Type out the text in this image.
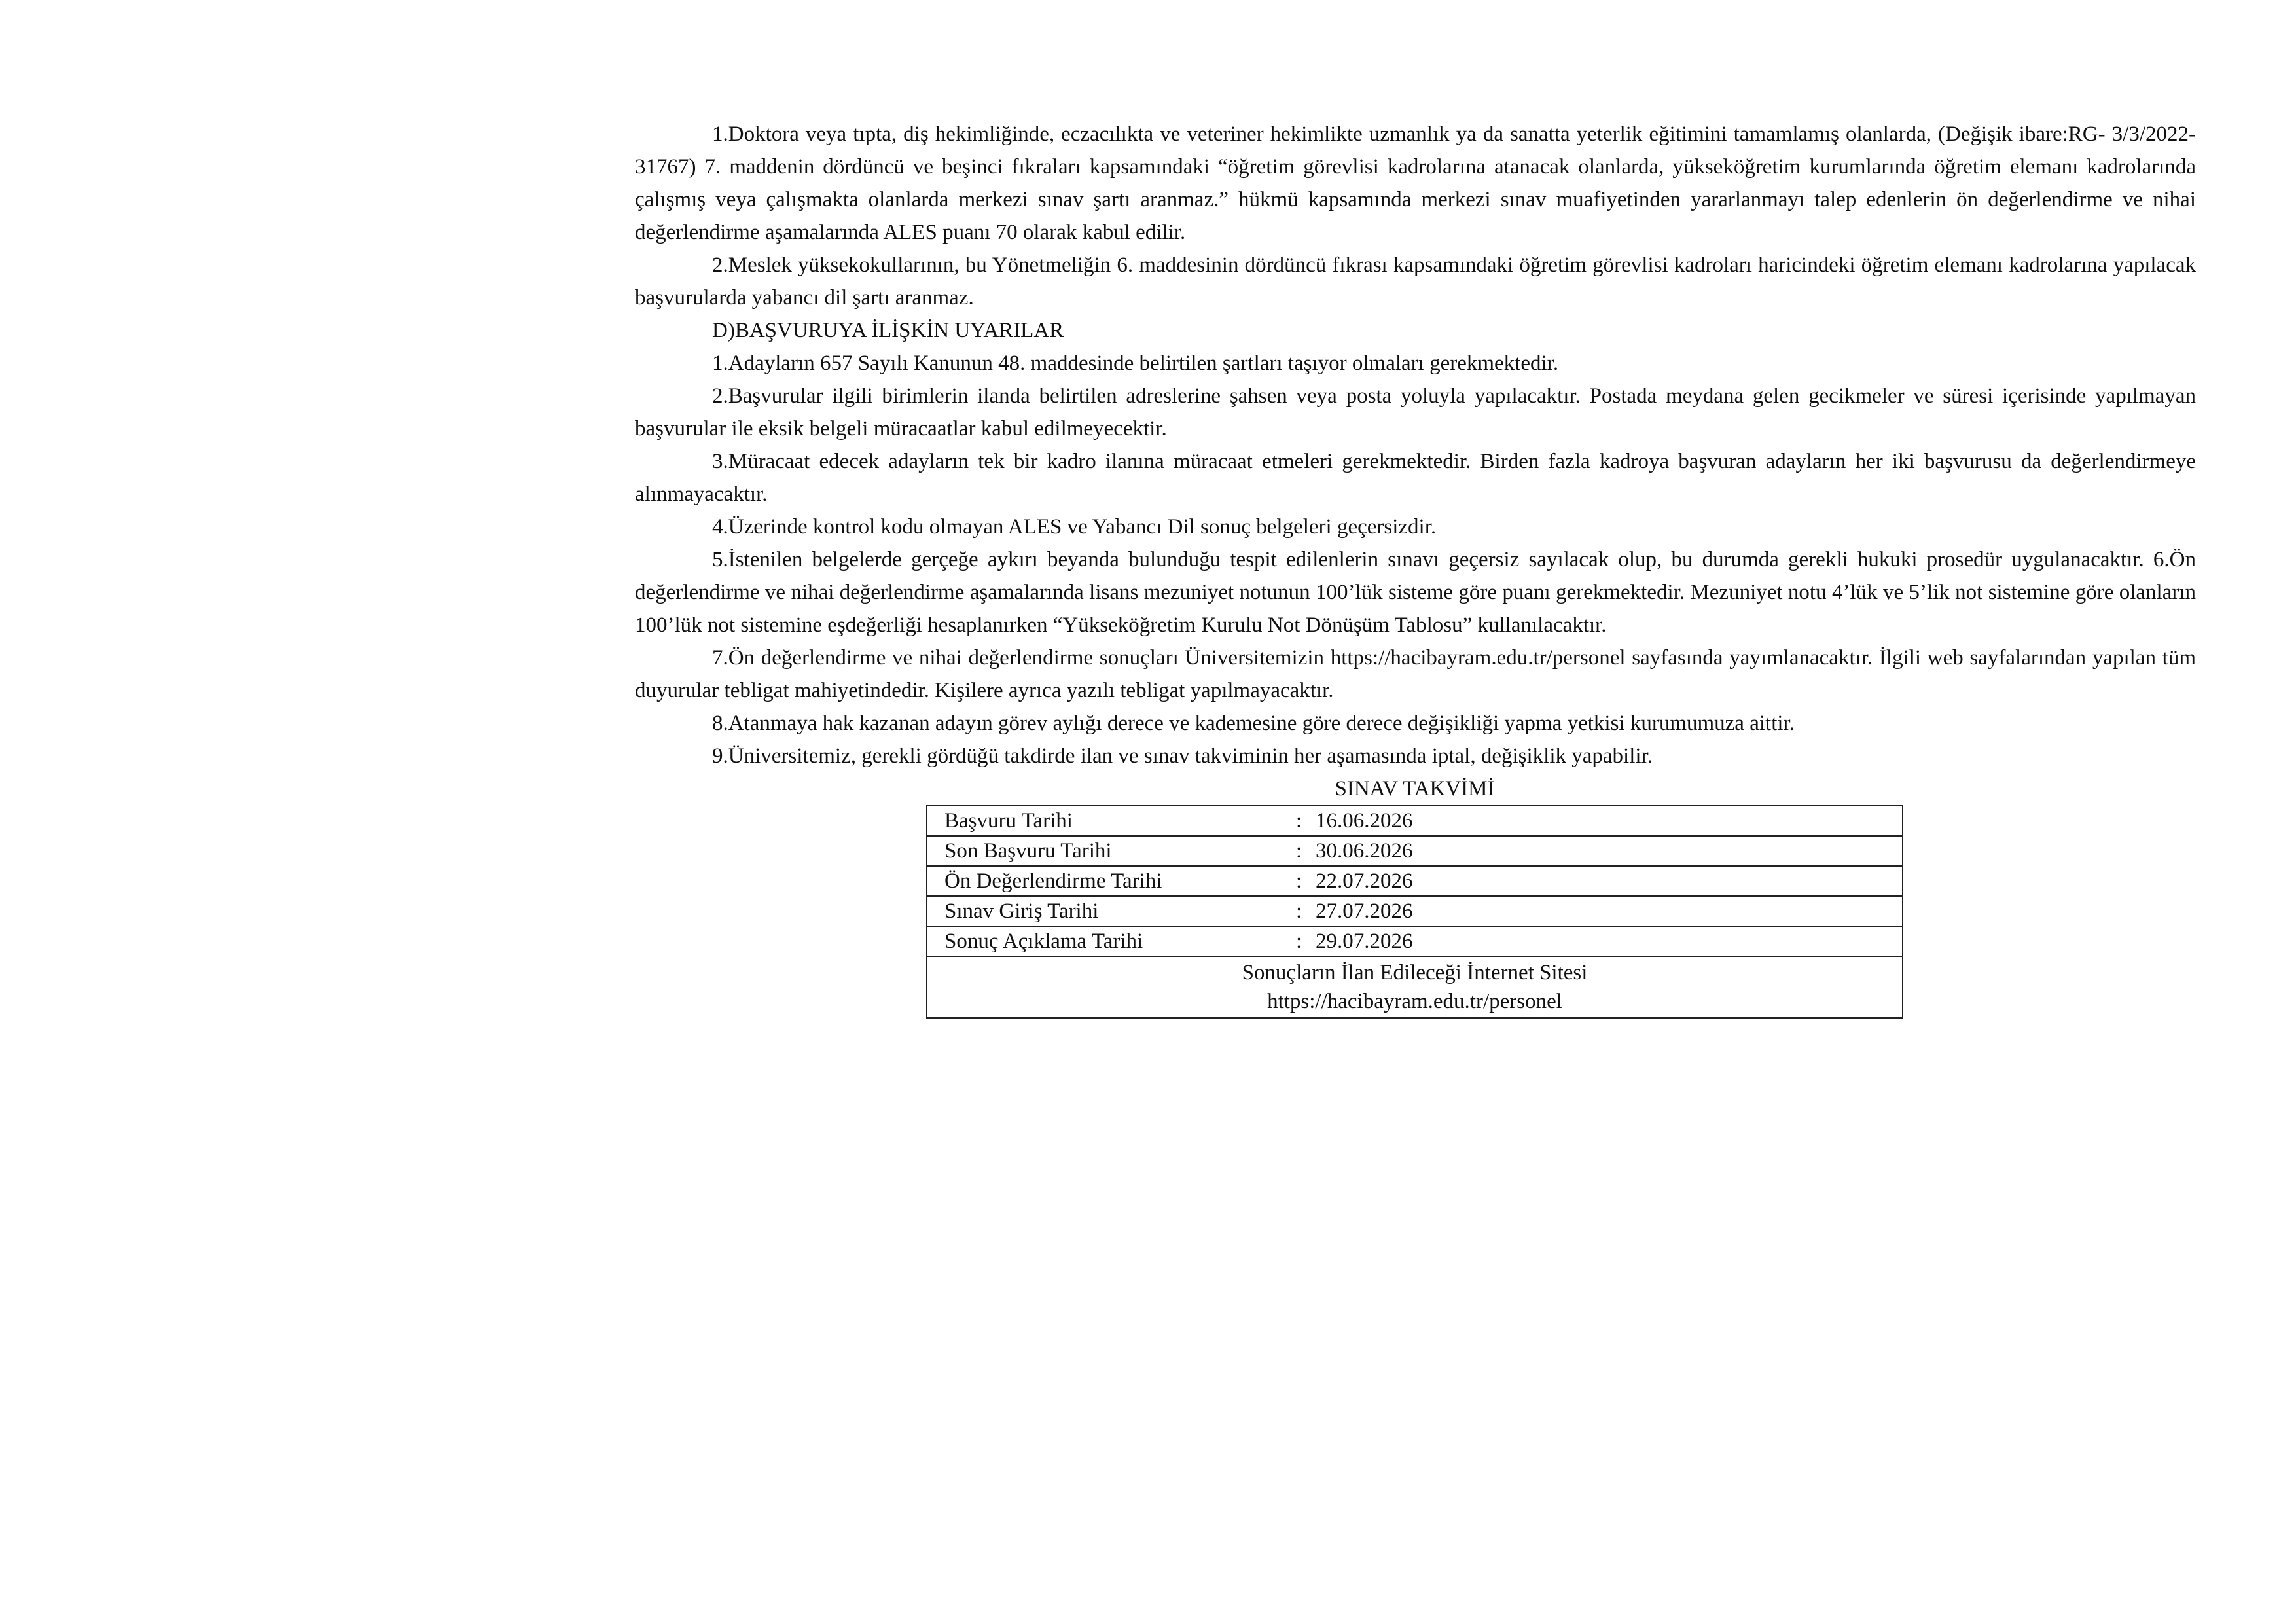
1.Doktora veya tıpta, diş hekimliğinde, eczacılıkta ve veteriner hekimlikte uzmanlık ya da sanatta yeterlik eğitimini tamamlamış olanlarda, (Değişik ibare:RG- 3/3/2022- 31767) 7. maddenin dördüncü ve beşinci fıkraları kapsamındaki “öğretim görevlisi kadrolarına atanacak olanlarda, yükseköğretim kurumlarında öğretim elemanı kadrolarında çalışmış veya çalışmakta olanlarda merkezi sınav şartı aranmaz.” hükmü kapsamında merkezi sınav muafiyetinden yararlanmayı talep edenlerin ön değerlendirme ve nihai değerlendirme aşamalarında ALES puanı 70 olarak kabul edilir.

2.Meslek yüksekokullarının, bu Yönetmeliğin 6. maddesinin dördüncü fıkrası kapsamındaki öğretim görevlisi kadroları haricindeki öğretim elemanı kadrolarına yapılacak başvurularda yabancı dil şartı aranmaz.

D)BAŞVURUYA İLİŞKİN UYARILAR

1.Adayların 657 Sayılı Kanunun 48. maddesinde belirtilen şartları taşıyor olmaları gerekmektedir.

2.Başvurular ilgili birimlerin ilanda belirtilen adreslerine şahsen veya posta yoluyla yapılacaktır. Postada meydana gelen gecikmeler ve süresi içerisinde yapılmayan başvurular ile eksik belgeli müracaatlar kabul edilmeyecektir.

3.Müracaat edecek adayların tek bir kadro ilanına müracaat etmeleri gerekmektedir. Birden fazla kadroya başvuran adayların her iki başvurusu da değerlendirmeye alınmayacaktır.

4.Üzerinde kontrol kodu olmayan ALES ve Yabancı Dil sonuç belgeleri geçersizdir.

5.İstenilen belgelerde gerçeğe aykırı beyanda bulunduğu tespit edilenlerin sınavı geçersiz sayılacak olup, bu durumda gerekli hukuki prosedür uygulanacaktır. 6.Ön değerlendirme ve nihai değerlendirme aşamalarında lisans mezuniyet notunun 100’lük sisteme göre puanı gerekmektedir. Mezuniyet notu 4’lük ve 5’lik not sistemine göre olanların 100’lük not sistemine eşdeğerliği hesaplanırken “Yükseköğretim Kurulu Not Dönüşüm Tablosu” kullanılacaktır.

7.Ön değerlendirme ve nihai değerlendirme sonuçları Üniversitemizin https://hacibayram.edu.tr/personel sayfasında yayımlanacaktır. İlgili web sayfalarından yapılan tüm duyurular tebligat mahiyetindedir. Kişilere ayrıca yazılı tebligat yapılmayacaktır.

8.Atanmaya hak kazanan adayın görev aylığı derece ve kademesine göre derece değişikliği yapma yetkisi kurumumuza aittir.

9.Üniversitemiz, gerekli gördüğü takdirde ilan ve sınav takviminin her aşamasında iptal, değişiklik yapabilir.

SINAV TAKVİMİ

Başvuru Tarihi	: 16.06.2026
Son Başvuru Tarihi	: 30.06.2026
Ön Değerlendirme Tarihi	: 22.07.2026
Sınav Giriş Tarihi	: 27.07.2026
Sonuç Açıklama Tarihi	: 29.07.2026

Sonuçların İlan Edileceği İnternet Sitesi
https://hacibayram.edu.tr/personel
